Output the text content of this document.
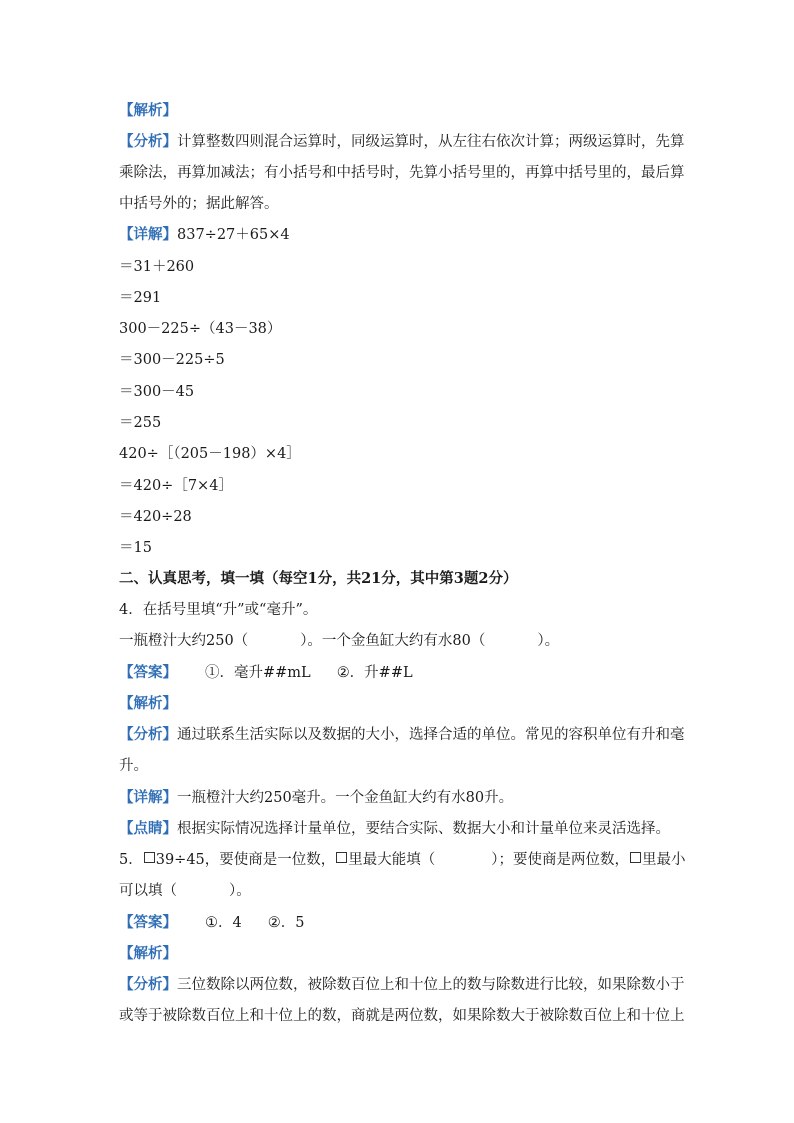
【解析】
【分析】计算整数四则混合运算时，同级运算时，从左往右依次计算；两级运算时，先算
乘除法，再算加减法；有小括号和中括号时，先算小括号里的，再算中括号里的，最后算
中括号外的；据此解答。
【详解】837÷27＋65×4
＝31＋260
＝291
300－225÷（43－38）
＝300－225÷5
＝300－45
＝255
420÷［（205－198）×4］
＝420÷［7×4］
＝420÷28
＝15
二、认真思考，填一填（每空1分，共21分，其中第3题2分）
4．在括号里填“升”或“毫升”。
一瓶橙汁大约250（	）。一个金鱼缸大约有水80（	）。
【答案】 ①．毫升##mL ②．升##L
【解析】
【分析】通过联系生活实际以及数据的大小，选择合适的单位。常见的容积单位有升和毫
升。
【详解】一瓶橙汁大约250毫升。一个金鱼缸大约有水80升。
【点睛】根据实际情况选择计量单位，要结合实际、数据大小和计量单位来灵活选择。
5． 39÷45，要使商是一位数， 里最大能填（	）；要使商是两位数， 里最小
可以填（	）。
【答案】 ①．4 ②．5
【解析】
【分析】三位数除以两位数，被除数百位上和十位上的数与除数进行比较，如果除数小于
或等于被除数百位上和十位上的数，商就是两位数，如果除数大于被除数百位上和十位上
